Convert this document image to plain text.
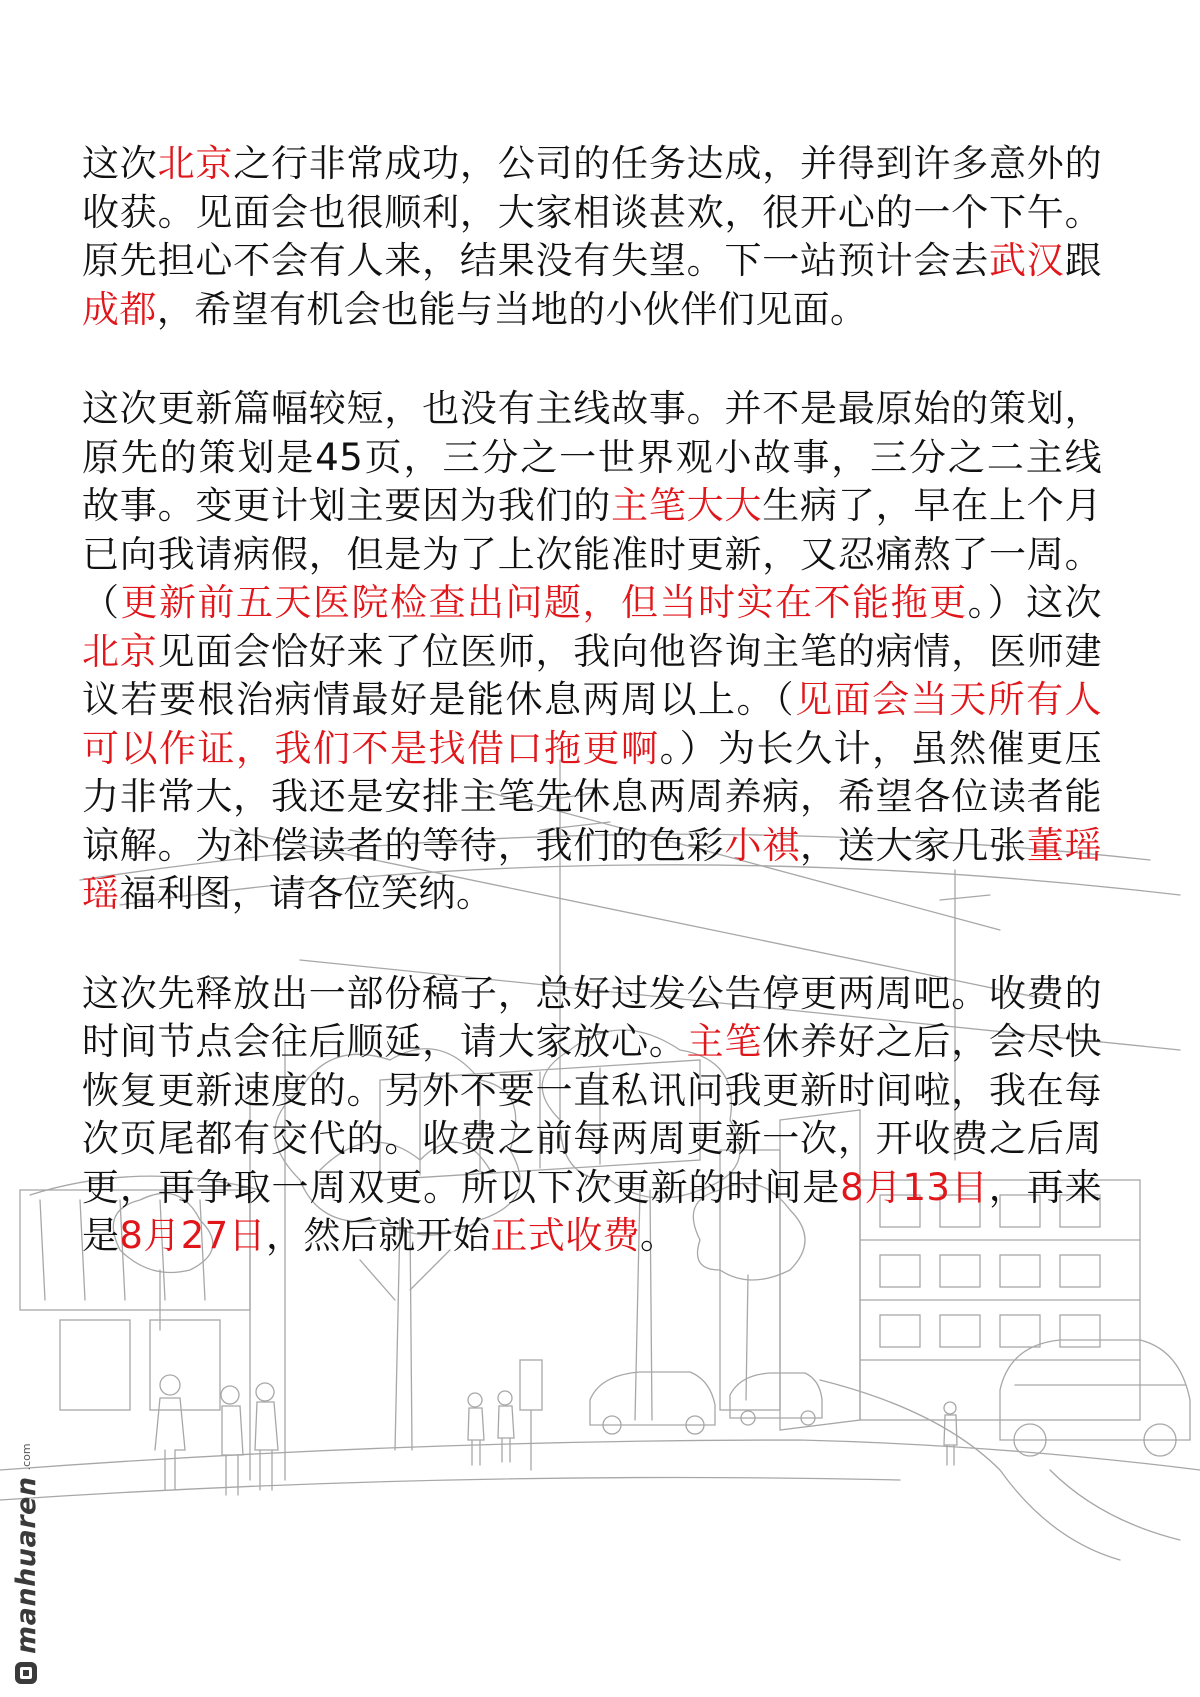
这次北京之行非常成功，公司的任务达成，并得到许多意外的收获。见面会也很顺利，大家相谈甚欢，很开心的一个下午。原先担心不会有人来，结果没有失望。下一站预计会去武汉跟成都，希望有机会也能与当地的小伙伴们见面。

这次更新篇幅较短，也没有主线故事。并不是最原始的策划，原先的策划是45页，三分之一世界观小故事，三分之二主线故事。变更计划主要因为我们的主笔大大生病了，早在上个月已向我请病假，但是为了上次能准时更新，又忍痛熬了一周。（更新前五天医院检查出问题，但当时实在不能拖更。）这次北京见面会恰好来了位医师，我向他咨询主笔的病情，医师建议若要根治病情最好是能休息两周以上。（见面会当天所有人可以作证，我们不是找借口拖更啊。）为长久计，虽然催更压力非常大，我还是安排主笔先休息两周养病，希望各位读者能谅解。为补偿读者的等待，我们的色彩小祺，送大家几张董瑶瑶福利图，请各位笑纳。

这次先释放出一部份稿子，总好过发公告停更两周吧。收费的时间节点会往后顺延，请大家放心。主笔休养好之后，会尽快恢复更新速度的。另外不要一直私讯问我更新时间啦，我在每次页尾都有交代的。收费之前每两周更新一次，开收费之后周更，再争取一周双更。所以下次更新的时间是8月13日，再来是8月27日，然后就开始正式收费。

manhuaren
.com
